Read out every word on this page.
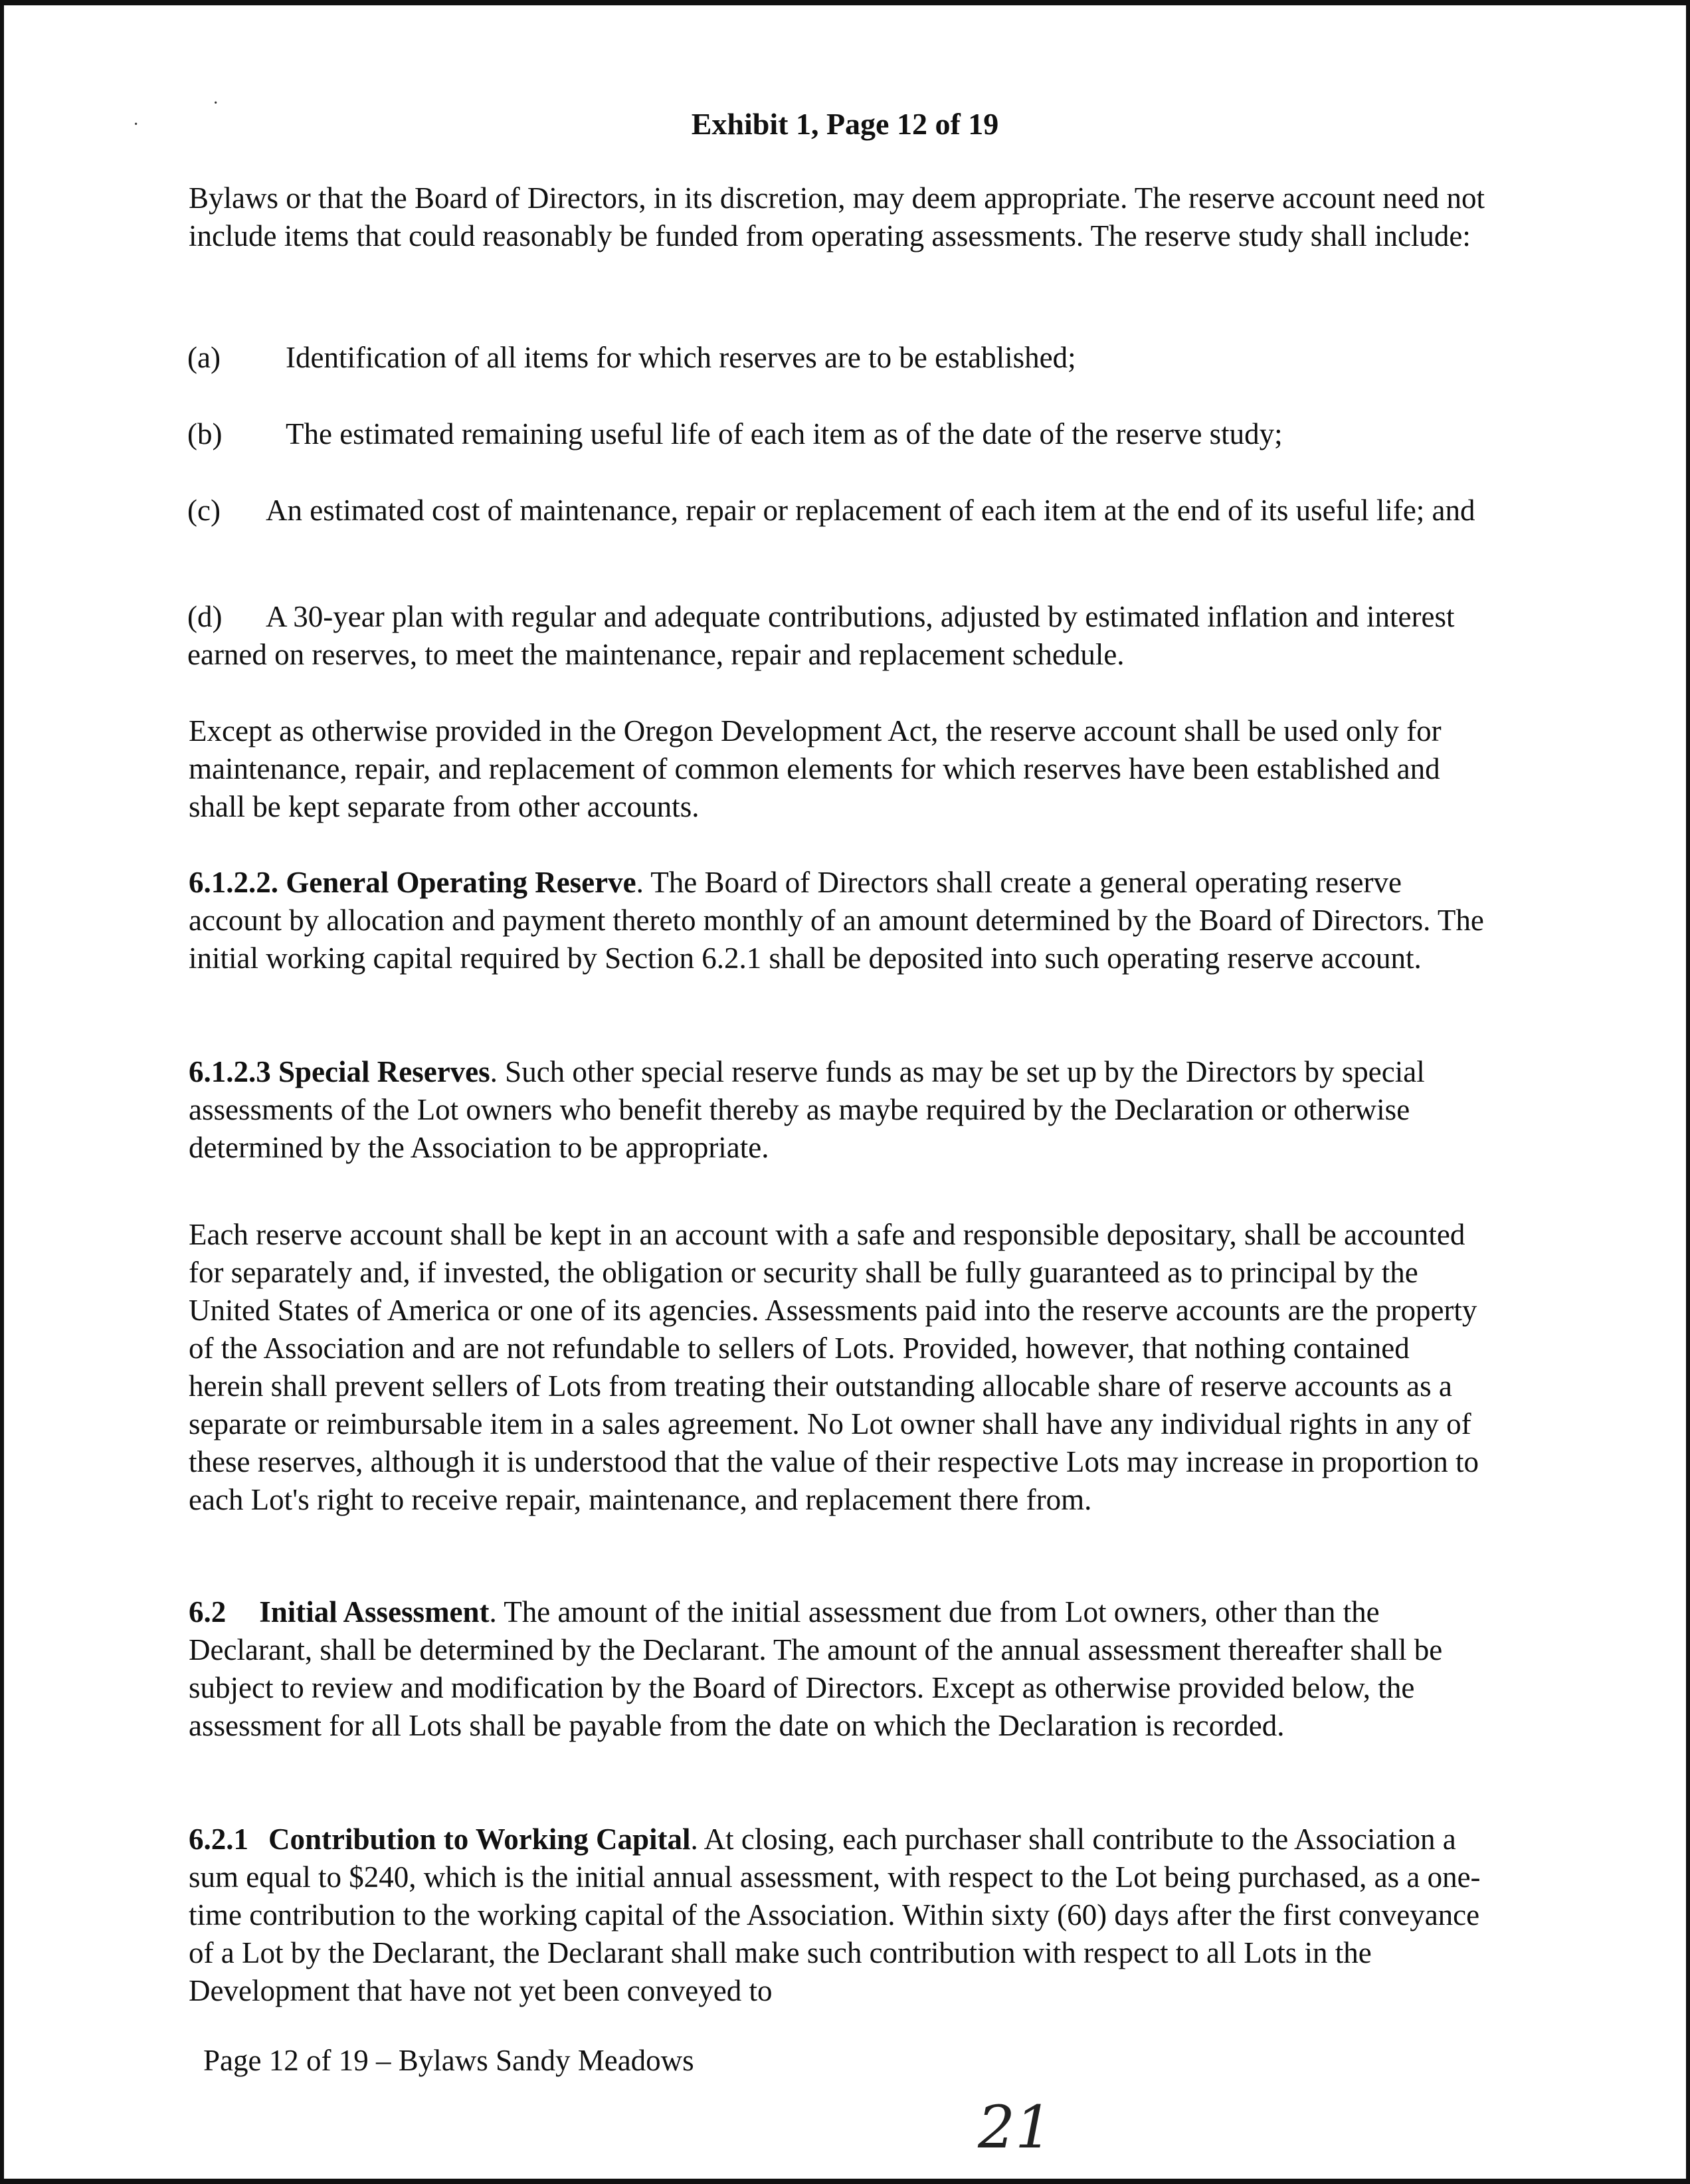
·
·	Exhibit 1, Page 12 of 19

Bylaws or that the Board of Directors, in its discretion, may deem appropriate. The reserve account need not include items that could reasonably be funded from operating assessments. The reserve study shall include:

(a) Identification of all items for which reserves are to be established;
(b) The estimated remaining useful life of each item as of the date of the reserve study;
(c) An estimated cost of maintenance, repair or replacement of each item at the end of its useful life; and
(d) A 30-year plan with regular and adequate contributions, adjusted by estimated inflation and interest earned on reserves, to meet the maintenance, repair and replacement schedule.

Except as otherwise provided in the Oregon Development Act, the reserve account shall be used only for maintenance, repair, and replacement of common elements for which reserves have been established and shall be kept separate from other accounts.

6.1.2.2. General Operating Reserve. The Board of Directors shall create a general operating reserve account by allocation and payment thereto monthly of an amount determined by the Board of Directors. The initial working capital required by Section 6.2.1 shall be deposited into such operating reserve account.

6.1.2.3 Special Reserves. Such other special reserve funds as may be set up by the Directors by special assessments of the Lot owners who benefit thereby as maybe required by the Declaration or otherwise determined by the Association to be appropriate.

Each reserve account shall be kept in an account with a safe and responsible depositary, shall be accounted for separately and, if invested, the obligation or security shall be fully guaranteed as to principal by the United States of America or one of its agencies. Assessments paid into the reserve accounts are the property of the Association and are not refundable to sellers of Lots. Provided, however, that nothing contained herein shall prevent sellers of Lots from treating their outstanding allocable share of reserve accounts as a separate or reimbursable item in a sales agreement. No Lot owner shall have any individual rights in any of these reserves, although it is understood that the value of their respective Lots may increase in proportion to each Lot's right to receive repair, maintenance, and replacement there from.

6.2 Initial Assessment. The amount of the initial assessment due from Lot owners, other than the Declarant, shall be determined by the Declarant. The amount of the annual assessment thereafter shall be subject to review and modification by the Board of Directors. Except as otherwise provided below, the assessment for all Lots shall be payable from the date on which the Declaration is recorded.

6.2.1 Contribution to Working Capital. At closing, each purchaser shall contribute to the Association a sum equal to $240, which is the initial annual assessment, with respect to the Lot being purchased, as a one-time contribution to the working capital of the Association. Within sixty (60) days after the first conveyance of a Lot by the Declarant, the Declarant shall make such contribution with respect to all Lots in the Development that have not yet been conveyed to

Page 12 of 19 – Bylaws Sandy Meadows
21
